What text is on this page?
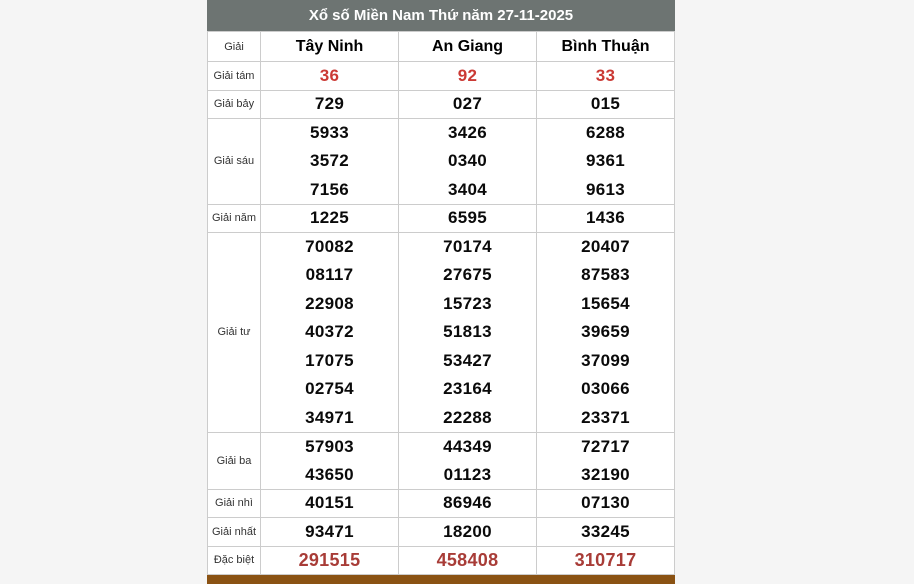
Xổ số Miền Nam Thứ năm 27-11-2025
Giải	Tây Ninh	An Giang	Bình Thuận
Giải tám	36	92	33
Giải bảy	729	027	015
Giải sáu	5933	3426	6288
	3572	0340	9361
	7156	3404	9613
Giải năm	1225	6595	1436
Giải tư	70082	70174	20407
	08117	27675	87583
	22908	15723	15654
	40372	51813	39659
	17075	53427	37099
	02754	23164	03066
	34971	22288	23371
Giải ba	57903	44349	72717
	43650	01123	32190
Giải nhì	40151	86946	07130
Giải nhất	93471	18200	33245
Đặc biệt	291515	458408	310717
